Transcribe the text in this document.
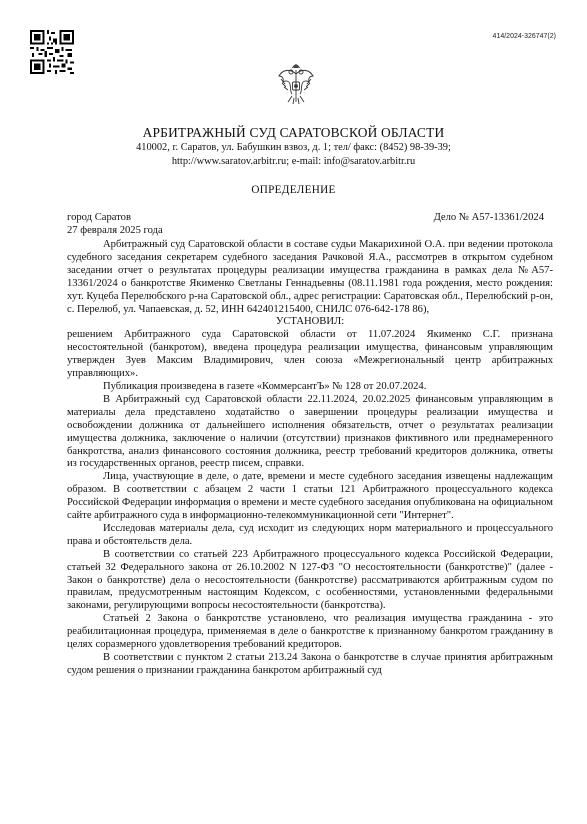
414/2024-326747(2)
АРБИТРАЖНЫЙ СУД САРАТОВСКОЙ ОБЛАСТИ
410002, г. Саратов, ул. Бабушкин взвоз, д. 1; тел/ факс: (8452) 98-39-39;
http://www.saratov.arbitr.ru; e-mail: info@saratov.arbitr.ru
ОПРЕДЕЛЕНИЕ
город Саратов	Дело № А57-13361/2024
27 февраля 2025 года

Арбитражный суд Саратовской области в составе судьи Макарихиной О.А. при ведении протокола судебного заседания секретарем судебного заседания Рачковой Я.А., рассмотрев в открытом судебном заседании отчет о результатах процедуры реализации имущества гражданина в рамках дела №А57-13361/2024 о банкротстве Якименко Светланы Геннадьевны (08.11.1981 года рождения, место рождения: хут. Куцеба Перелюбского р-на Саратовской обл., адрес регистрации: Саратовская обл., Перелюбский р-он, с. Перелюб, ул. Чапаевская, д. 52, ИНН 642401215400, СНИЛС 076-642-178 86),

УСТАНОВИЛ:

решением Арбитражного суда Саратовской области от 11.07.2024 Якименко С.Г. признана несостоятельной (банкротом), введена процедура реализации имущества, финансовым управляющим утвержден Зуев Максим Владимирович, член союза «Межрегиональный центр арбитражных управляющих».

Публикация произведена в газете «КоммерсантЪ» № 128 от 20.07.2024.

В Арбитражный суд Саратовской области 22.11.2024, 20.02.2025 финансовым управляющим в материалы дела представлено ходатайство о завершении процедуры реализации имущества и освобождении должника от дальнейшего исполнения обязательств, отчет о результатах реализации имущества должника, заключение о наличии (отсутствии) признаков фиктивного или преднамеренного банкротства, анализ финансового состояния должника, реестр требований кредиторов должника, ответы из государственных органов, реестр писем, справки.

Лица, участвующие в деле, о дате, времени и месте судебного заседания извещены надлежащим образом. В соответствии с абзацем 2 части 1 статьи 121 Арбитражного процессуального кодекса Российской Федерации информация о времени и месте судебного заседания опубликована на официальном сайте арбитражного суда в информационно-телекоммуникационной сети "Интернет".

Исследовав материалы дела, суд исходит из следующих норм материального и процессуального права и обстоятельств дела.

В соответствии со статьей 223 Арбитражного процессуального кодекса Российской Федерации, статьей 32 Федерального закона от 26.10.2002 N 127-ФЗ "О несостоятельности (банкротстве)" (далее - Закон о банкротстве) дела о несостоятельности (банкротстве) рассматриваются арбитражным судом по правилам, предусмотренным настоящим Кодексом, с особенностями, установленными федеральными законами, регулирующими вопросы несостоятельности (банкротства).

Статьей 2 Закона о банкротстве установлено, что реализация имущества гражданина - это реабилитационная процедура, применяемая в деле о банкротстве к признанному банкротом гражданину в целях соразмерного удовлетворения требований кредиторов.

В соответствии с пунктом 2 статьи 213.24 Закона о банкротстве в случае принятия арбитражным судом решения о признании гражданина банкротом арбитражный суд
